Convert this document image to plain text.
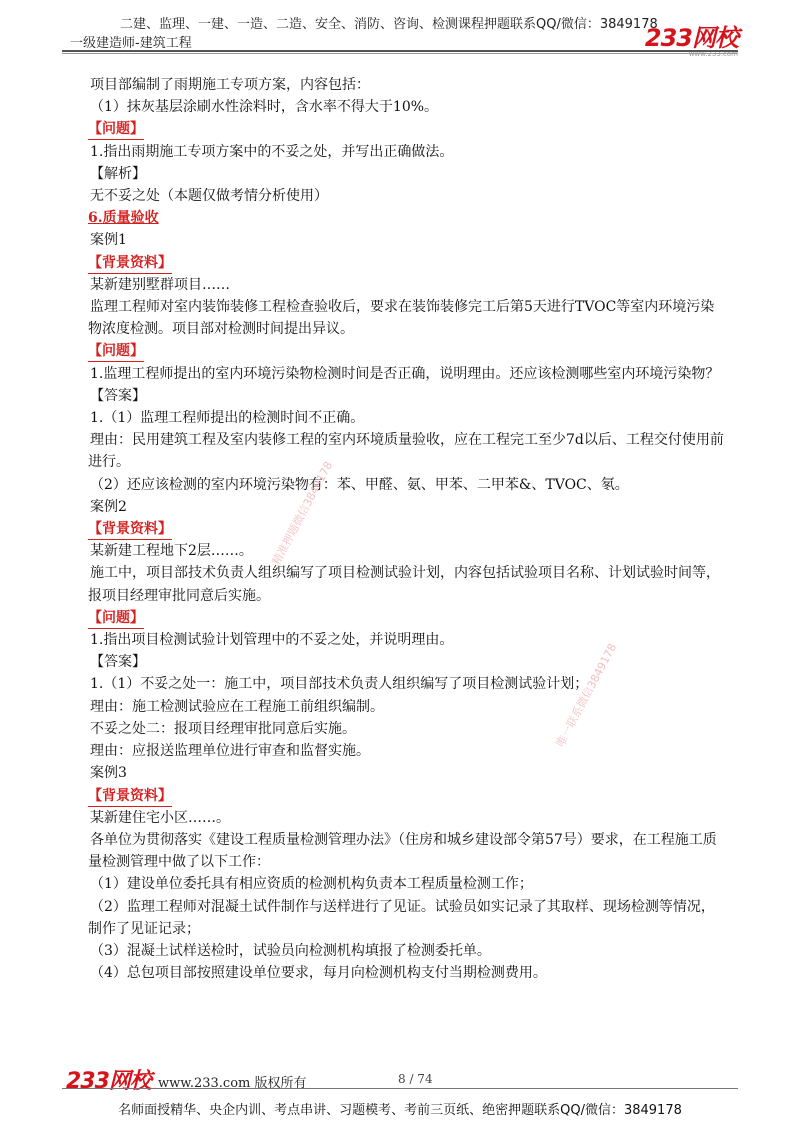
二建、监理、一建、一造、二造、安全、消防、咨询、检测课程押题联系QQ/微信：3849178
一级建造师-建筑工程	233网校
www.233.com

项目部编制了雨期施工专项方案，内容包括：

（1）抹灰基层涂刷水性涂料时，含水率不得大于10%。

【问题】

1.指出雨期施工专项方案中的不妥之处，并写出正确做法。

【解析】

无不妥之处（本题仅做考情分析使用）

6.质量验收

案例1

【背景资料】

某新建别墅群项目……

监理工程师对室内装饰装修工程检查验收后，要求在装饰装修完工后第5天进行TVOC等室内环境污染物浓度检测。项目部对检测时间提出异议。

【问题】

1.监理工程师提出的室内环境污染物检测时间是否正确，说明理由。还应该检测哪些室内环境污染物？

【答案】

1.（1）监理工程师提出的检测时间不正确。

理由：民用建筑工程及室内装修工程的室内环境质量验收，应在工程完工至少7d以后、工程交付使用前进行。

（2）还应该检测的室内环境污染物有：苯、甲醛、氨、甲苯、二甲苯&、TVOC、氡。

案例2

【背景资料】

某新建工程地下2层……。

施工中，项目部技术负责人组织编写了项目检测试验计划，内容包括试验项目名称、计划试验时间等，报项目经理审批同意后实施。

【问题】

1.指出项目检测试验计划管理中的不妥之处，并说明理由。

【答案】

1.（1）不妥之处一：施工中，项目部技术负责人组织编写了项目检测试验计划；

理由：施工检测试验应在工程施工前组织编制。

不妥之处二：报项目经理审批同意后实施。

理由：应报送监理单位进行审查和监督实施。

案例3

【背景资料】

某新建住宅小区……。

各单位为贯彻落实《建设工程质量检测管理办法》（住房和城乡建设部令第57号）要求，在工程施工质量检测管理中做了以下工作：

（1）建设单位委托具有相应资质的检测机构负责本工程质量检测工作；

（2）监理工程师对混凝土试件制作与送样进行了见证。试验员如实记录了其取样、现场检测等情况，制作了见证记录；

（3）混凝土试样送检时，试验员向检测机构填报了检测委托单。

（4）总包项目部按照建设单位要求，每月向检测机构支付当期检测费用。

精准押题微信3849178
唯一联系微信3849178
233网校 www.233.com 版权所有	8 / 74
名师面授精华、央企内训、考点串讲、习题模考、考前三页纸、绝密押题联系QQ/微信：3849178
